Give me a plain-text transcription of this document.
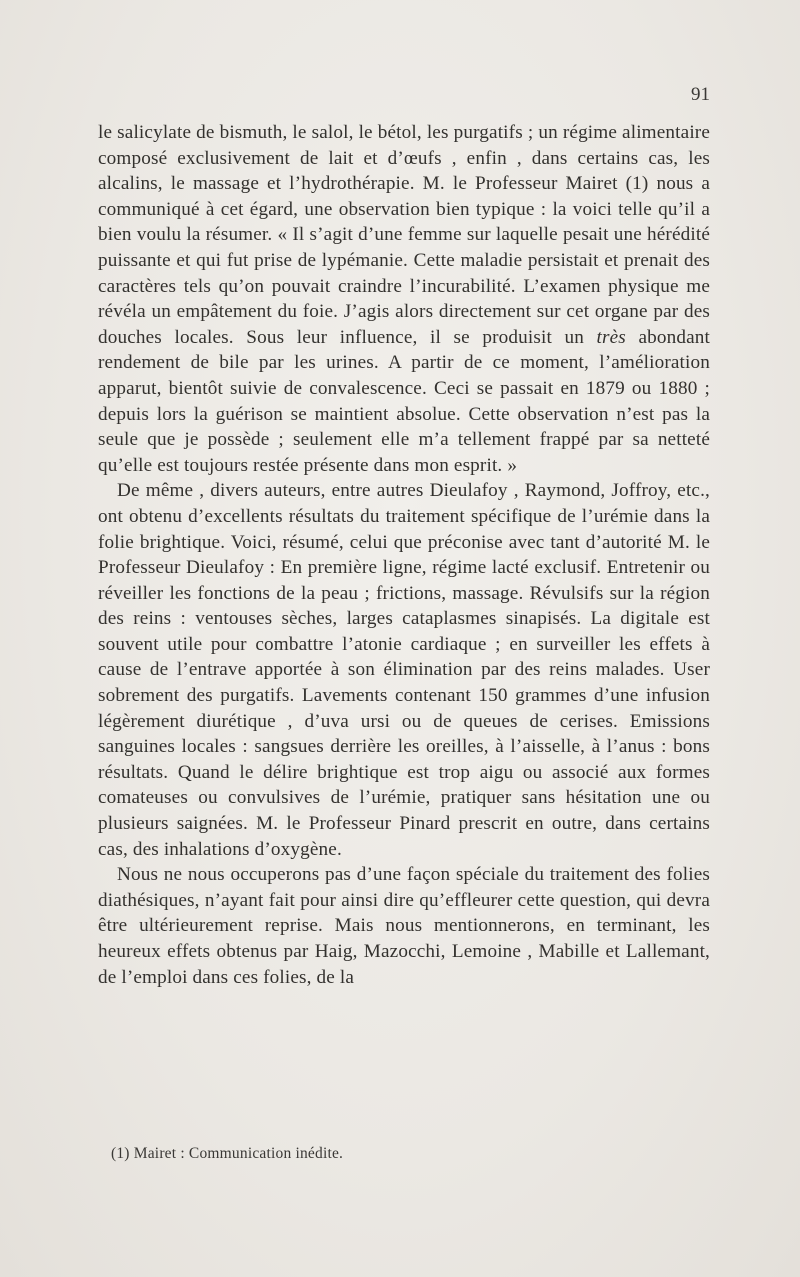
91

le salicylate de bismuth, le salol, le bétol, les purgatifs ; un régime alimentaire composé exclusivement de lait et d’œufs , enfin , dans certains cas, les alcalins, le massage et l’hydrothérapie. M. le Professeur Mairet (1) nous a communiqué à cet égard, une observation bien typique : la voici telle qu’il a bien voulu la résumer. « Il s’agit d’une femme sur laquelle pesait une hérédité puissante et qui fut prise de lypémanie. Cette maladie persistait et prenait des caractères tels qu’on pouvait craindre l’incurabilité. L’examen physique me révéla un empâtement du foie. J’agis alors directement sur cet organe par des douches locales. Sous leur influence, il se produisit un très abondant rendement de bile par les urines. A partir de ce moment, l’amélioration apparut, bientôt suivie de convalescence. Ceci se passait en 1879 ou 1880 ; depuis lors la guérison se maintient absolue. Cette observation n’est pas la seule que je possède ; seulement elle m’a tellement frappé par sa netteté qu’elle est toujours restée présente dans mon esprit. »

De même , divers auteurs, entre autres Dieulafoy , Raymond, Joffroy, etc., ont obtenu d’excellents résultats du traitement spécifique de l’urémie dans la folie brightique. Voici, résumé, celui que préconise avec tant d’autorité M. le Professeur Dieulafoy : En première ligne, régime lacté exclusif. Entretenir ou réveiller les fonctions de la peau ; frictions, massage. Révulsifs sur la région des reins : ventouses sèches, larges cataplasmes sinapisés. La digitale est souvent utile pour combattre l’atonie cardiaque ; en surveiller les effets à cause de l’entrave apportée à son élimination par des reins malades. User sobrement des purgatifs. Lavements contenant 150 grammes d’une infusion légèrement diurétique , d’uva ursi ou de queues de cerises. Emissions sanguines locales : sangsues derrière les oreilles, à l’aisselle, à l’anus : bons résultats. Quand le délire brightique est trop aigu ou associé aux formes comateuses ou convulsives de l’urémie, pratiquer sans hésitation une ou plusieurs saignées. M. le Professeur Pinard prescrit en outre, dans certains cas, des inhalations d’oxygène.

Nous ne nous occuperons pas d’une façon spéciale du traitement des folies diathésiques, n’ayant fait pour ainsi dire qu’effleurer cette question, qui devra être ultérieurement reprise. Mais nous mentionnerons, en terminant, les heureux effets obtenus par Haig, Mazocchi, Lemoine , Mabille et Lallemant, de l’emploi dans ces folies, de la

(1) Mairet : Communication inédite.
